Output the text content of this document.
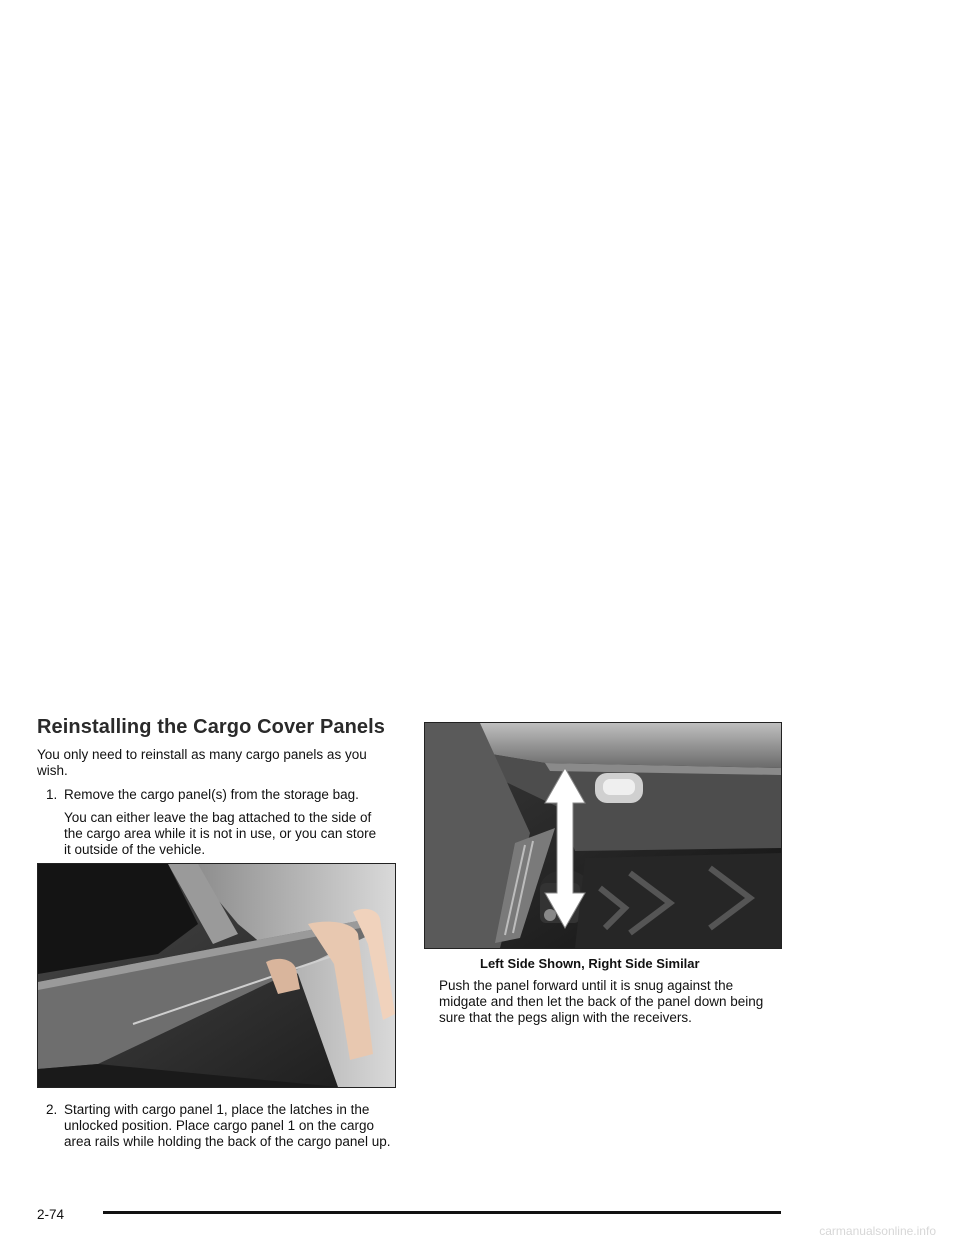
Reinstalling the Cargo Cover Panels

You only need to reinstall as many cargo panels as you wish.

1. Remove the cargo panel(s) from the storage bag.

You can either leave the bag attached to the side of the cargo area while it is not in use, or you can store it outside of the vehicle.

2. Starting with cargo panel 1, place the latches in the unlocked position. Place cargo panel 1 on the cargo area rails while holding the back of the cargo panel up.

Left Side Shown, Right Side Similar

Push the panel forward until it is snug against the midgate and then let the back of the panel down being sure that the pegs align with the receivers.

2-74
carmanualsonline.info
